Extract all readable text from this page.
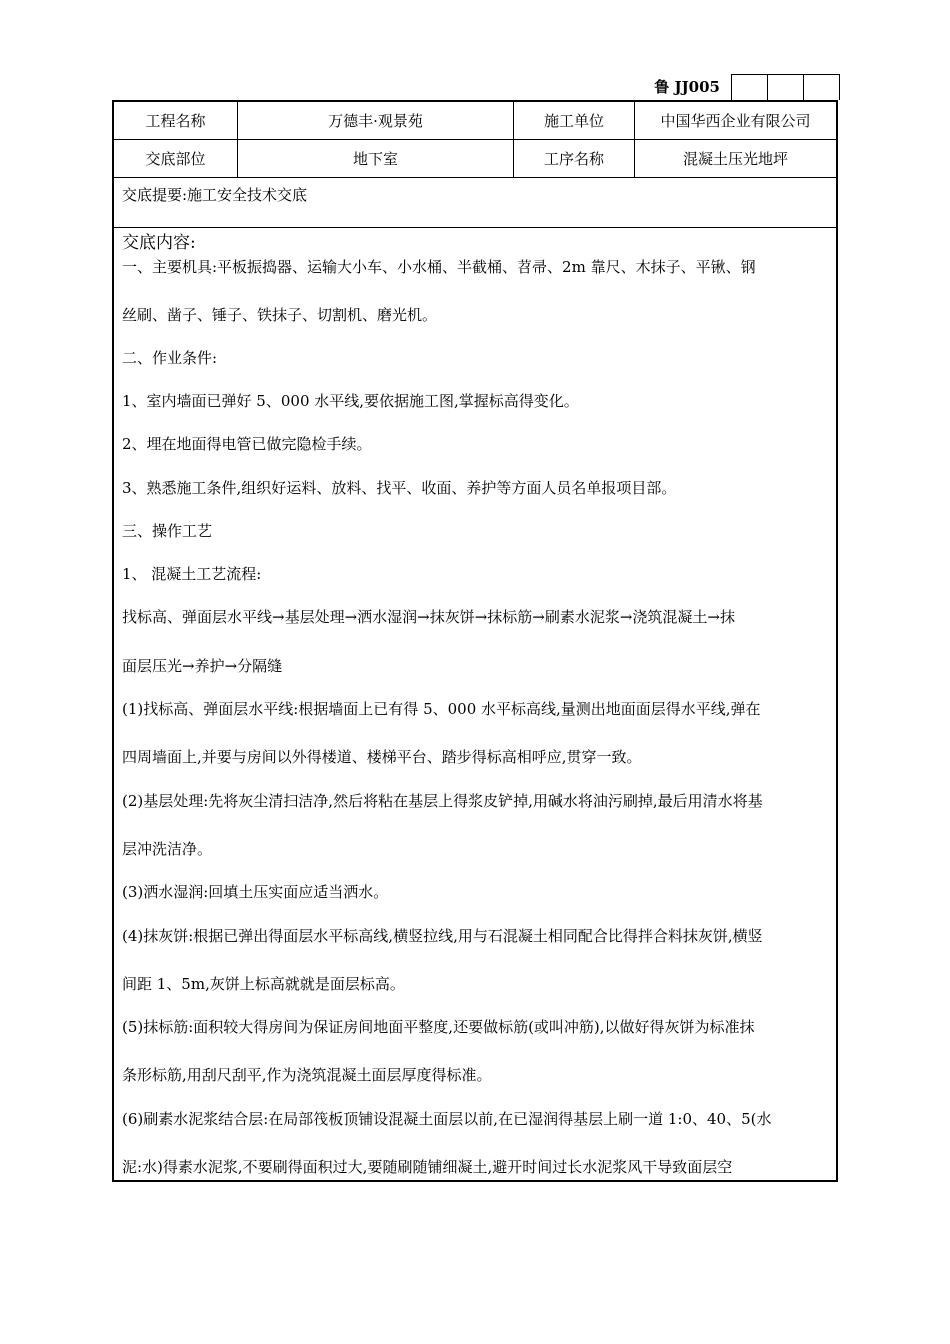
鲁 JJ005
工程名称	万德丰·观景苑	施工单位	中国华西企业有限公司
交底部位	地下室	工序名称	混凝土压光地坪
交底提要:施工安全技术交底
交底内容:
一、主要机具:平板振捣器、运输大小车、小水桶、半截桶、苕帚、2m 靠尺、木抹子、平锹、钢
丝刷、凿子、锤子、铁抹子、切割机、磨光机。
二、作业条件:
1、室内墙面已弹好 5、000 水平线,要依据施工图,掌握标高得变化。
2、埋在地面得电管已做完隐检手续。
3、熟悉施工条件,组织好运料、放料、找平、收面、养护等方面人员名单报项目部。
三、操作工艺
1、 混凝土工艺流程:
找标高、弹面层水平线→基层处理→洒水湿润→抹灰饼→抹标筋→刷素水泥浆→浇筑混凝土→抹
面层压光→养护→分隔缝
(1)找标高、弹面层水平线:根据墙面上已有得 5、000 水平标高线,量测出地面面层得水平线,弹在
四周墙面上,并要与房间以外得楼道、楼梯平台、踏步得标高相呼应,贯穿一致。
(2)基层处理:先将灰尘清扫洁净,然后将粘在基层上得浆皮铲掉,用碱水将油污刷掉,最后用清水将基
层冲洗洁净。
(3)洒水湿润:回填土压实面应适当洒水。
(4)抹灰饼:根据已弹出得面层水平标高线,横竖拉线,用与石混凝土相同配合比得拌合料抹灰饼,横竖
间距 1、5m,灰饼上标高就就是面层标高。
(5)抹标筋:面积较大得房间为保证房间地面平整度,还要做标筋(或叫冲筋),以做好得灰饼为标准抹
条形标筋,用刮尺刮平,作为浇筑混凝土面层厚度得标准。
(6)刷素水泥浆结合层:在局部筏板顶铺设混凝土面层以前,在已湿润得基层上刷一道 1:0、40、5(水
泥:水)得素水泥浆,不要刷得面积过大,要随刷随铺细凝土,避开时间过长水泥浆风干导致面层空
